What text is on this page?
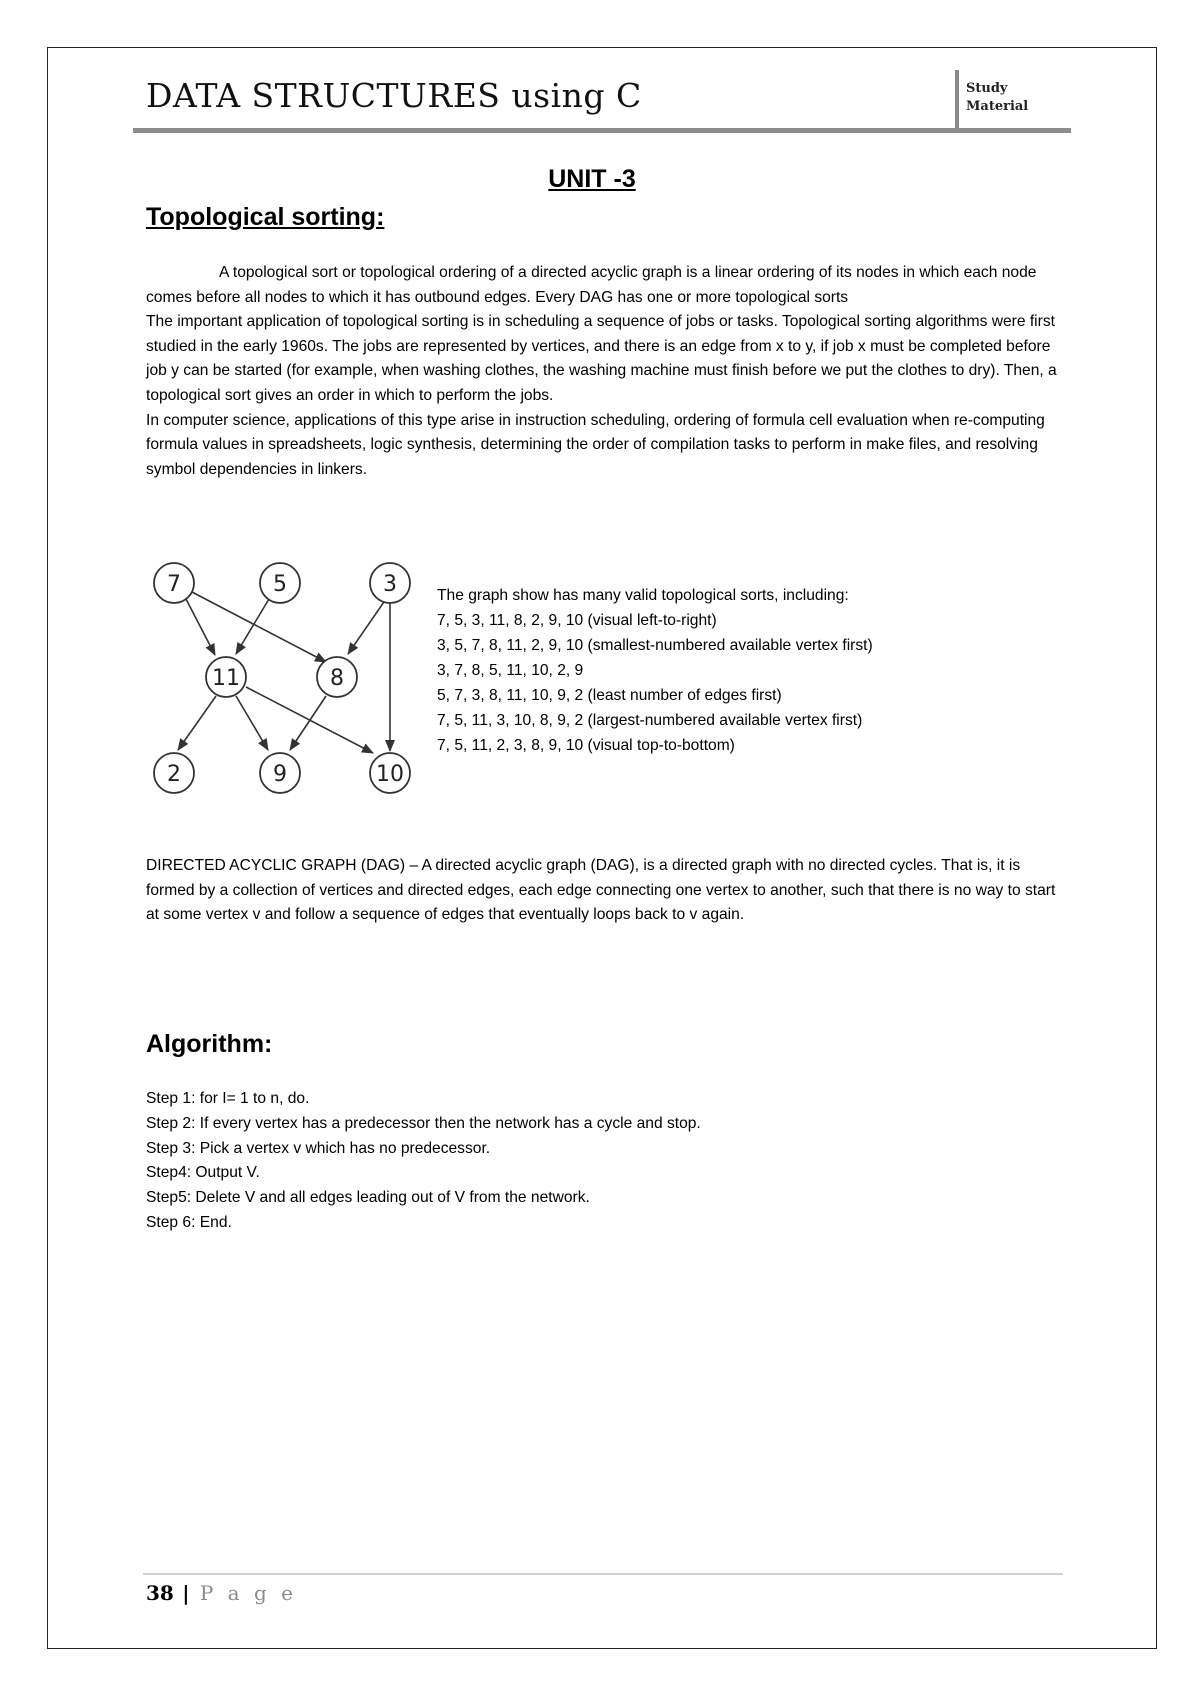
DATA STRUCTURES using C	Study
Material
UNIT -3
Topological sorting:

A topological sort or topological ordering of a directed acyclic graph is a linear ordering of its nodes in which each node comes before all nodes to which it has outbound edges. Every DAG has one or more topological sorts

The important application of topological sorting is in scheduling a sequence of jobs or tasks. Topological sorting algorithms were first studied in the early 1960s. The jobs are represented by vertices, and there is an edge from x to y, if job x must be completed before job y can be started (for example, when washing clothes, the washing machine must finish before we put the clothes to dry). Then, a topological sort gives an order in which to perform the jobs.

In computer science, applications of this type arise in instruction scheduling, ordering of formula cell evaluation when re-computing formula values in spreadsheets, logic synthesis, determining the order of compilation tasks to perform in make files, and resolving symbol dependencies in linkers.

7	5	3
11	8
2	9	10
The graph show has many valid topological sorts, including:
7, 5, 3, 11, 8, 2, 9, 10 (visual left-to-right)
3, 5, 7, 8, 11, 2, 9, 10 (smallest-numbered available vertex first)
3, 7, 8, 5, 11, 10, 2, 9
5, 7, 3, 8, 11, 10, 9, 2 (least number of edges first)
7, 5, 11, 3, 10, 8, 9, 2 (largest-numbered available vertex first)
7, 5, 11, 2, 3, 8, 9, 10 (visual top-to-bottom)
DIRECTED ACYCLIC GRAPH (DAG) – A directed acyclic graph (DAG), is a directed graph with no directed cycles. That is, it is formed by a collection of vertices and directed edges, each edge connecting one vertex to another, such that there is no way to start at some vertex v and follow a sequence of edges that eventually loops back to v again.
Algorithm:
Step 1: for I= 1 to n, do.
Step 2: If every vertex has a predecessor then the network has a cycle and stop.
Step 3: Pick a vertex v which has no predecessor.
Step4: Output V.
Step5: Delete V and all edges leading out of V from the network.
Step 6: End.
38 | P a g e
